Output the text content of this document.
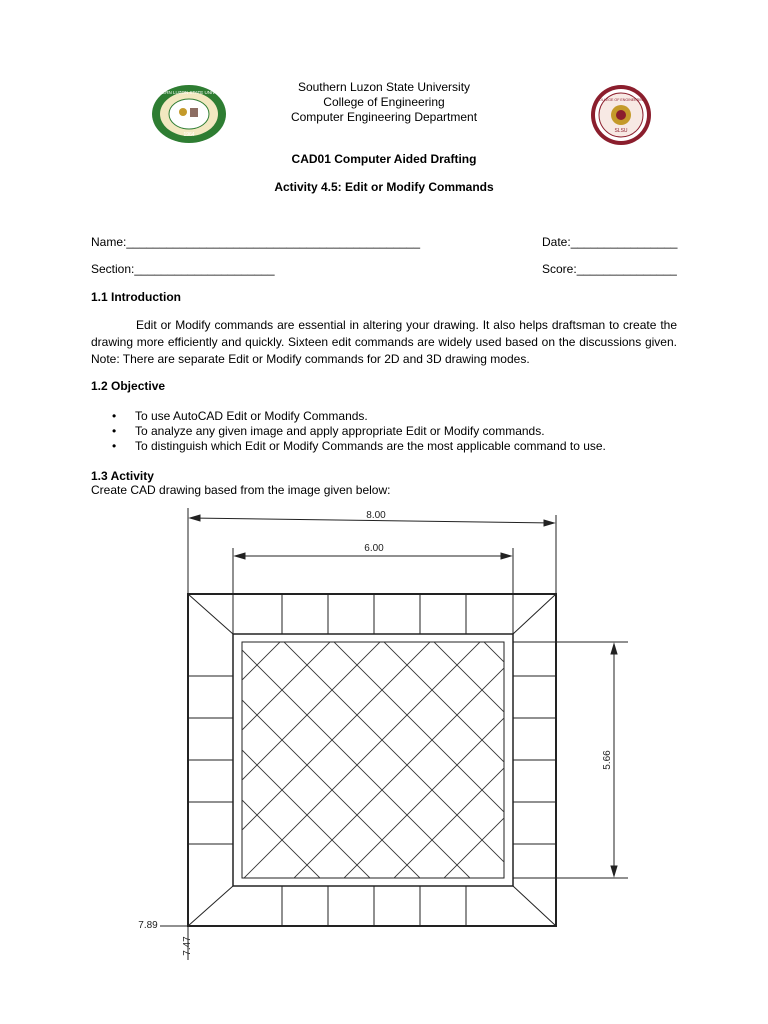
1964
SOUTHERN LUZON STATE UNIVERSITY
SLSU
COLLEGE OF ENGINEERING
Southern Luzon State University
College of Engineering
Computer Engineering Department
CAD01 Computer Aided Drafting
Activity 4.5: Edit or Modify Commands
Name:____________________________________________	Date:________________
Section:_____________________	Score:_______________
1.1 Introduction
Edit or Modify commands are essential in altering your drawing. It also helps draftsman to create the drawing more efficiently and quickly. Sixteen edit commands are widely used based on the discussions given. Note: There are separate Edit or Modify commands for 2D and 3D drawing modes.
1.2 Objective
• To use AutoCAD Edit or Modify Commands.
• To analyze any given image and apply appropriate Edit or Modify commands.
• To distinguish which Edit or Modify Commands are the most applicable command to use.
1.3 Activity
Create CAD drawing based from the image given below:
8.00
6.00
5.66
7.89
7.47
